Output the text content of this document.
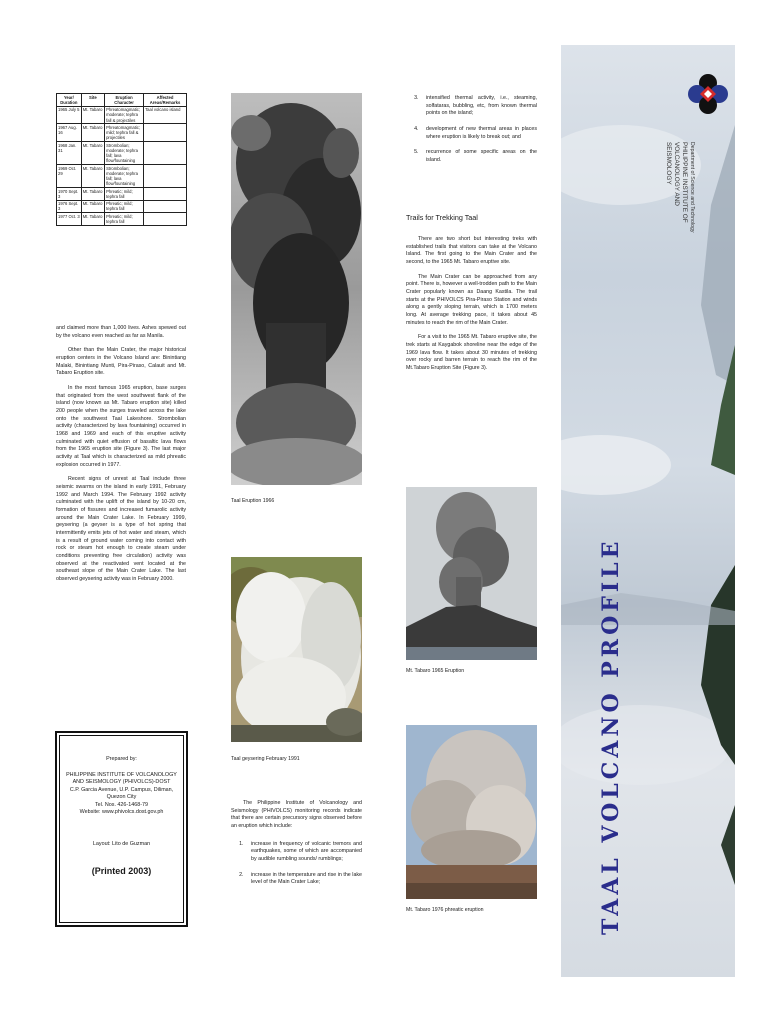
Year/ Duration	Site	Eruption Character	Affected Areas/Remarks
1965 July 5	Mt. Tabaro	Phreatomagmatic; moderate; tephra fall & projectiles	Taal volcano island
1967 Aug. 16	Mt. Tabaro	Phreatomagmatic; mild; tephra fall & projectiles	
1968 Jan. 31	Mt. Tabaro	Strombolian; moderate; tephra fall; lava flow/fountaining	
1969 Oct. 29	Mt. Tabaro	Strombolian; moderate; tephra fall; lava flow/fountaining	
1970 Sept. 3	Mt. Tabaro	Phreatic; mild; tephra fall	
1976 Sept. 3	Mt. Tabaro	Phreatic; mild; tephra fall	
1977 Oct. 3	Mt. Tabaro	Phreatic; mild; tephra fall	

and claimed more than 1,000 lives. Ashes spewed out by the volcano even reached as far as Manila.

Other than the Main Crater, the major historical eruption centers in the Volcano Island are: Binintiang Malaki, Binintiang Munti, Pira-Piraso, Calauit and Mt. Tabaro Eruption site.

In the most famous 1965 eruption, base surges that originated from the west southwest flank of the island (now known as Mt. Tabaro eruption site) killed 200 people when the surges traveled across the lake onto the southwest Taal Lakeshore. Strombolian activity (characterized by lava fountaining) occurred in 1968 and 1969 and each of this eruptive activity culminated with quiet effusion of basaltic lava flows from the 1965 eruption site (Figure 3). The last major activity at Taal which is characterized as mild phreatic explosion occurred in 1977.

Recent signs of unrest at Taal include three seismic swarms on the island in early 1991, February 1992 and March 1994. The February 1992 activity culminated with the uplift of the island by 10-20 cm, formation of fissures and increased fumarolic activity around the Main Crater Lake. In February 1999, geysering (a geyser is a type of hot spring that intermittently emits jets of hot water and steam, which is a result of ground water coming into contact with rock or steam hot enough to create steam under conditions preventing free circulation) activity was observed at the reactivated vent located at the southeast slope of the Main Crater Lake. The last observed geysering activity was in February 2000.

Prepared by:
PHILIPPINE INSTITUTE OF VOLCANOLOGY
AND SEISMOLOGY (PHIVOLCS)-DOST
C.P. Garcia Avenue, U.P. Campus, Diliman,
Quezon City
Tel. Nos. 426-1468-79
Website: www.phivolcs.dost.gov.ph
Layout: Lito de Guzman
(Printed 2003)
Taal Eruption 1966
Taal geysering February 1991

The Philippine Institute of Volcanology and Seismology (PHIVOLCS) monitoring records indicate that there are certain precursory signs observed before an eruption which include:

1. increase in frequency of volcanic tremors and earthquakes, some of which are accompanied by audible rumbling sounds/ rumblings;
2. increase in the temperature and rise in the lake level of the Main Crater Lake;
3. intensified thermal activity, i.e., steaming, solfataras, bubbling, etc, from known thermal points on the island;
4. development of new thermal areas in places where eruption is likely to break out; and
5. recurrence of some specific areas on the island.
Trails for Trekking Taal

There are two short but interesting treks with established trails that visitors can take at the Volcano Island. The first going to the Main Crater and the second, to the 1965 Mt. Tabaro eruptive site.

The Main Crater can be approached from any point. There is, however a well-trodden path to the Main Crater popularly known as Daang Kastila. The trail starts at the PHIVOLCS Pira-Piraso Station and winds along a gently sloping terrain, which is 1700 meters long. At average trekking pace, it takes about 45 minutes to reach the rim of the Main Crater.

For a visit to the 1965 Mt. Tabaro eruptive site, the trek starts at Kaygabok shoreline near the edge of the 1969 lava flow. It takes about 30 minutes of trekking over rocky and barren terrain to reach the rim of the Mt.Tabaro Eruption Site (Figure 3).

Mt. Tabaro 1965 Eruption
Mt. Tabaro 1976 phreatic eruption
Department of Science and Technology
PHILIPPINE INSTITUTE OF
VOLCANOLOGY AND
SEISMOLOGY
TAAL VOLCANO PROFILE
